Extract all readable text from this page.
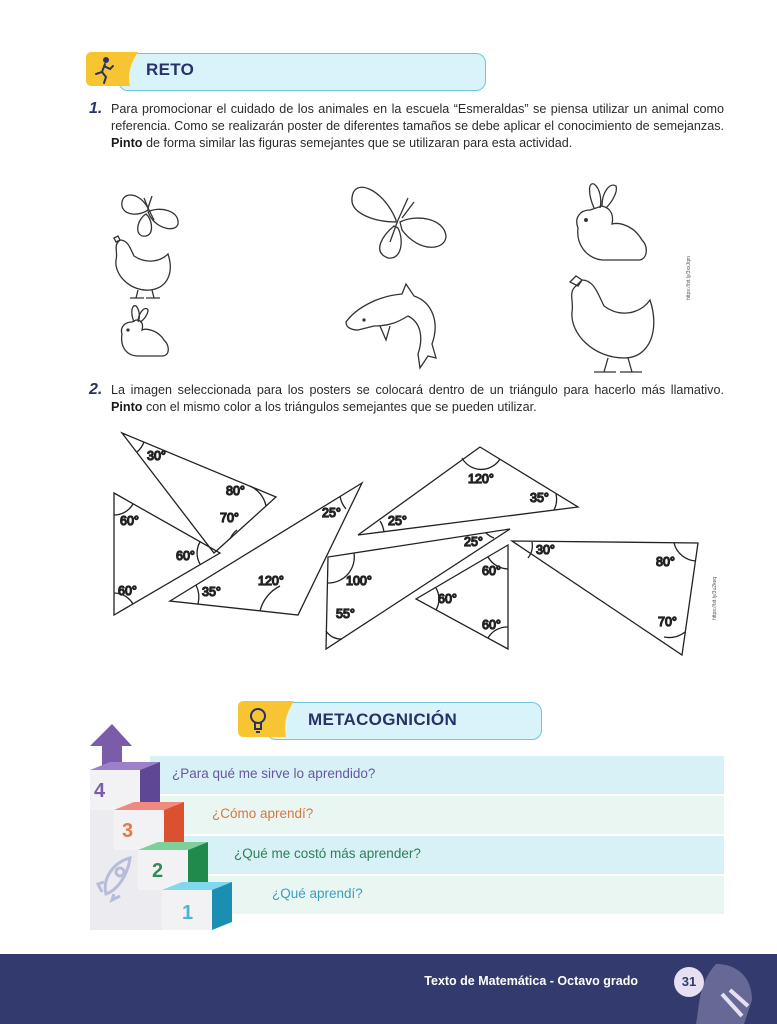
RETO
1. Para promocionar el cuidado de los animales en la escuela “Esmeraldas” se piensa utilizar un animal como referencia. Como se realizarán poster de diferentes tamaños se debe aplicar el conocimiento de semejanzas. Pinto de forma similar las figuras semejantes que se utilizaran para esta actividad.
https://bit.ly/3xxJqm
2. La imagen seleccionada para los posters se colocará dentro de un triángulo para hacerlo más llamativo. Pinto con el mismo color a los triángulos semejantes que se pueden utilizar.
30°
80°
70°
60°
60°
60°
25°
35°
120°
120°
35°
25°
25°
100°
55°
60°
60°
60°
30°
80°
70°
https://bit.ly/3u2keq
METACOGNICIÓN
¿Para qué me sirve lo aprendido?
¿Cómo aprendí?
¿Qué me costó más aprender?
¿Qué aprendí?
4
3
2
1
Texto de Matemática - Octavo grado	31
